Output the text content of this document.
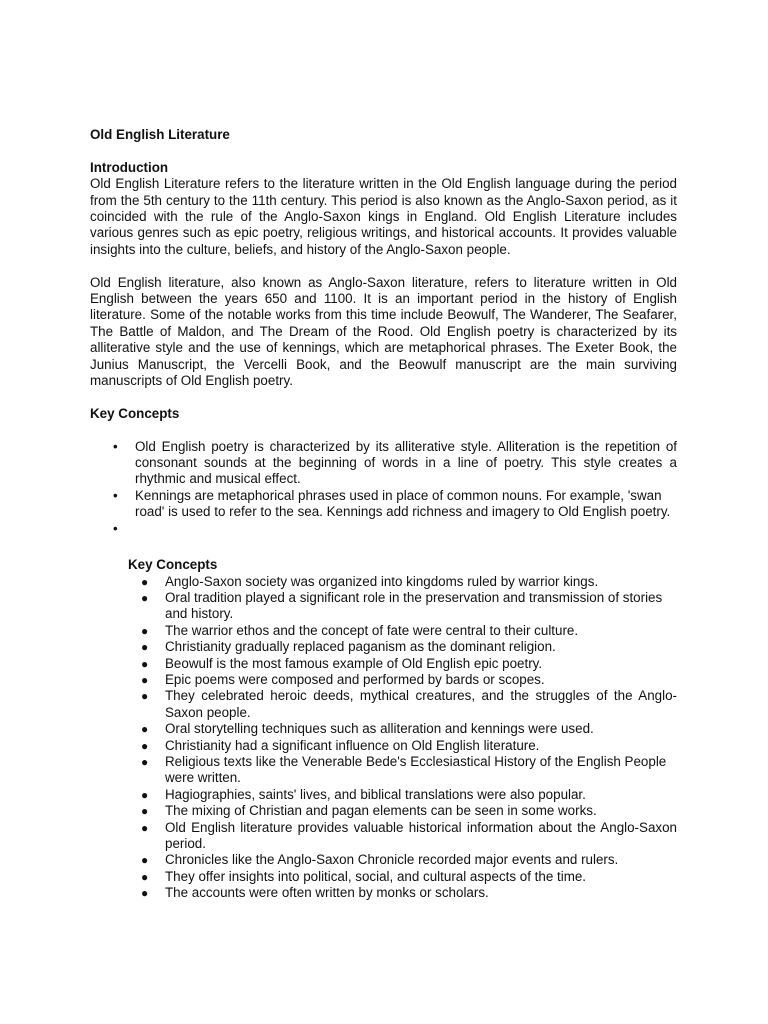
Old English Literature
Introduction

Old English Literature refers to the literature written in the Old English language during the period from the 5th century to the 11th century. This period is also known as the Anglo-Saxon period, as it coincided with the rule of the Anglo-Saxon kings in England. Old English Literature includes various genres such as epic poetry, religious writings, and historical accounts. It provides valuable insights into the culture, beliefs, and history of the Anglo-Saxon people.

Old English literature, also known as Anglo-Saxon literature, refers to literature written in Old English between the years 650 and 1100. It is an important period in the history of English literature. Some of the notable works from this time include Beowulf, The Wanderer, The Seafarer, The Battle of Maldon, and The Dream of the Rood. Old English poetry is characterized by its alliterative style and the use of kennings, which are metaphorical phrases. The Exeter Book, the Junius Manuscript, the Vercelli Book, and the Beowulf manuscript are the main surviving manuscripts of Old English poetry.

Key Concepts
• Old English poetry is characterized by its alliterative style. Alliteration is the repetition of consonant sounds at the beginning of words in a line of poetry. This style creates a rhythmic and musical effect.
• Kennings are metaphorical phrases used in place of common nouns. For example, 'swan road' is used to refer to the sea. Kennings add richness and imagery to Old English poetry.
•

Key Concepts
● Anglo-Saxon society was organized into kingdoms ruled by warrior kings.
● Oral tradition played a significant role in the preservation and transmission of stories and history.
● The warrior ethos and the concept of fate were central to their culture.
● Christianity gradually replaced paganism as the dominant religion.
● Beowulf is the most famous example of Old English epic poetry.
● Epic poems were composed and performed by bards or scopes.
● They celebrated heroic deeds, mythical creatures, and the struggles of the Anglo-Saxon people.
● Oral storytelling techniques such as alliteration and kennings were used.
● Christianity had a significant influence on Old English literature.
● Religious texts like the Venerable Bede's Ecclesiastical History of the English People were written.
● Hagiographies, saints' lives, and biblical translations were also popular.
● The mixing of Christian and pagan elements can be seen in some works.
● Old English literature provides valuable historical information about the Anglo-Saxon period.
● Chronicles like the Anglo-Saxon Chronicle recorded major events and rulers.
● They offer insights into political, social, and cultural aspects of the time.
● The accounts were often written by monks or scholars.
